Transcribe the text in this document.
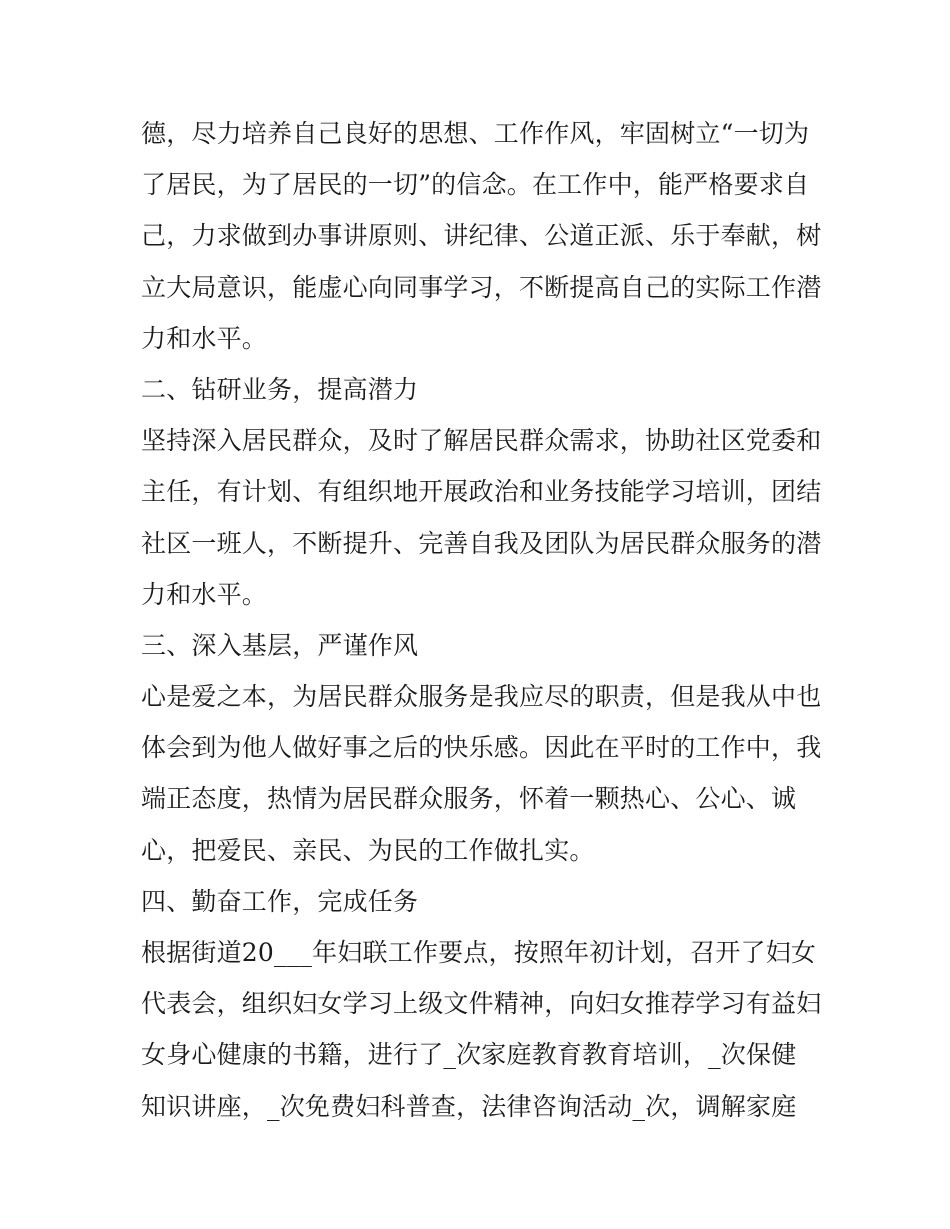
德，尽力培养自己良好的思想、工作作风，牢固树立“一切为
了居民，为了居民的一切”的信念。在工作中，能严格要求自
己，力求做到办事讲原则、讲纪律、公道正派、乐于奉献，树
立大局意识，能虚心向同事学习，不断提高自己的实际工作潜
力和水平。
二、钻研业务，提高潜力
坚持深入居民群众，及时了解居民群众需求，协助社区党委和
主任，有计划、有组织地开展政治和业务技能学习培训，团结
社区一班人，不断提升、完善自我及团队为居民群众服务的潜
力和水平。
三、深入基层，严谨作风
心是爱之本，为居民群众服务是我应尽的职责，但是我从中也
体会到为他人做好事之后的快乐感。因此在平时的工作中，我
端正态度，热情为居民群众服务，怀着一颗热心、公心、诚
心，把爱民、亲民、为民的工作做扎实。
四、勤奋工作，完成任务
根据街道20___年妇联工作要点，按照年初计划，召开了妇女
代表会，组织妇女学习上级文件精神，向妇女推荐学习有益妇
女身心健康的书籍，进行了_次家庭教育教育培训，_次保健
知识讲座，_次免费妇科普查，法律咨询活动_次，调解家庭
